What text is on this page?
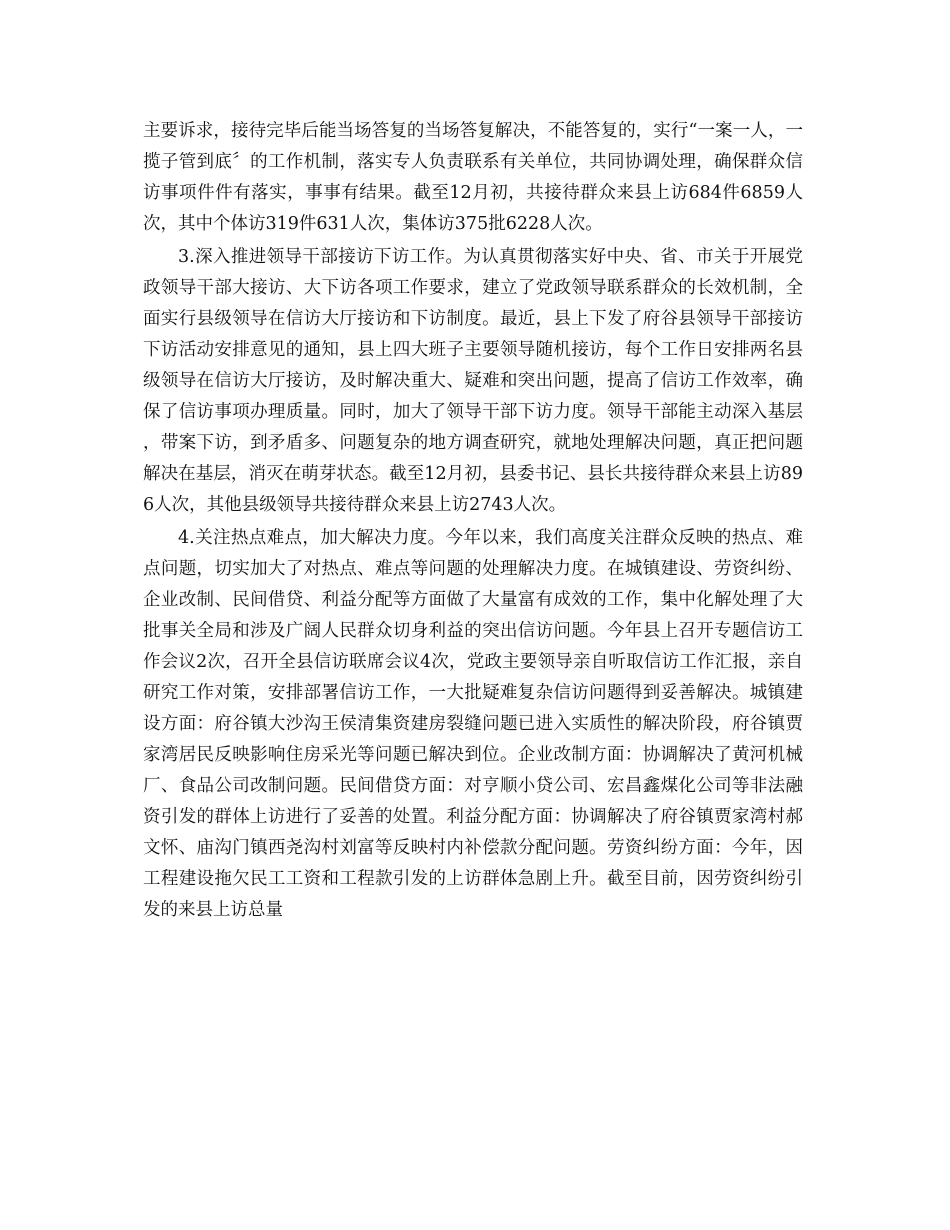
主要诉求，接待完毕后能当场答复的当场答复解决，不能答复的，实行“一案一人，一揽子管到底〞的工作机制，落实专人负责联系有关单位，共同协调处理，确保群众信访事项件件有落实，事事有结果。截至12月初，共接待群众来县上访684件6859人次，其中个体访319件631人次，集体访375批6228人次。

3.深入推进领导干部接访下访工作。为认真贯彻落实好中央、省、市关于开展党政领导干部大接访、大下访各项工作要求，建立了党政领导联系群众的长效机制，全面实行县级领导在信访大厅接访和下访制度。最近，县上下发了府谷县领导干部接访下访活动安排意见的通知，县上四大班子主要领导随机接访，每个工作日安排两名县级领导在信访大厅接访，及时解决重大、疑难和突出问题，提高了信访工作效率，确保了信访事项办理质量。同时，加大了领导干部下访力度。领导干部能主动深入基层，带案下访，到矛盾多、问题复杂的地方调查研究，就地处理解决问题，真正把问题解决在基层，消灭在萌芽状态。截至12月初，县委书记、县长共接待群众来县上访896人次，其他县级领导共接待群众来县上访2743人次。

4.关注热点难点，加大解决力度。今年以来，我们高度关注群众反映的热点、难点问题，切实加大了对热点、难点等问题的处理解决力度。在城镇建设、劳资纠纷、企业改制、民间借贷、利益分配等方面做了大量富有成效的工作，集中化解处理了大批事关全局和涉及广阔人民群众切身利益的突出信访问题。今年县上召开专题信访工作会议2次，召开全县信访联席会议4次，党政主要领导亲自听取信访工作汇报，亲自研究工作对策，安排部署信访工作，一大批疑难复杂信访问题得到妥善解决。城镇建设方面：府谷镇大沙沟王侯清集资建房裂缝问题已进入实质性的解决阶段，府谷镇贾家湾居民反映影响住房采光等问题已解决到位。企业改制方面：协调解决了黄河机械厂、食品公司改制问题。民间借贷方面：对亨顺小贷公司、宏昌鑫煤化公司等非法融资引发的群体上访进行了妥善的处置。利益分配方面：协调解决了府谷镇贾家湾村郝文怀、庙沟门镇西尧沟村刘富等反映村内补偿款分配问题。劳资纠纷方面：今年，因工程建设拖欠民工工资和工程款引发的上访群体急剧上升。截至目前，因劳资纠纷引发的来县上访总量
